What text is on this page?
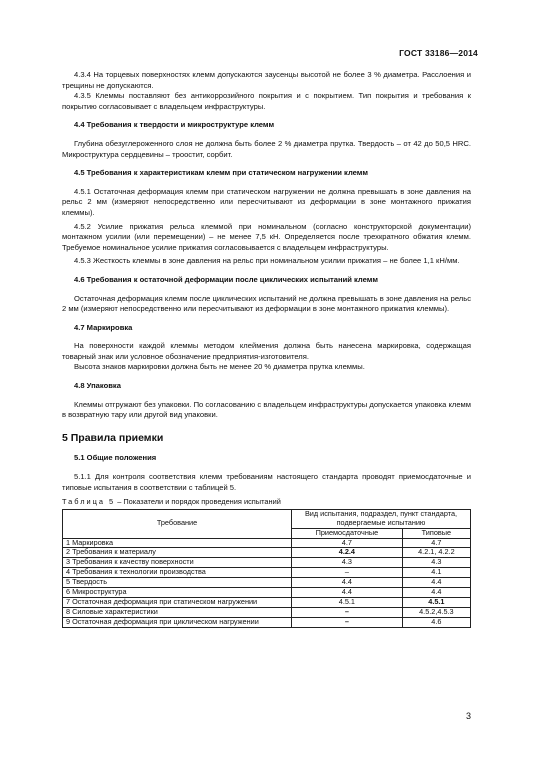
ГОСТ 33186—2014

4.3.4 На торцевых поверхностях клемм допускаются заусенцы высотой не более 3 % диаметра. Расслоения и трещины не допускаются.

4.3.5 Клеммы поставляют без антикоррозийного покрытия и с покрытием. Тип покрытия и требования к покрытию согласовывает с владельцем инфраструктуры.

4.4 Требования к твердости и микроструктуре клемм

Глубина обезуглероженного слоя не должна быть более 2 % диаметра прутка. Твердость – от 42 до 50,5 HRC. Микроструктура сердцевины – троостит, сорбит.

4.5 Требования к характеристикам клемм при статическом нагружении клемм

4.5.1 Остаточная деформация клемм при статическом нагружении не должна превышать в зоне давления на рельс 2 мм (измеряют непосредственно или пересчитывают из деформации в зоне монтажного прижатия клеммы).

4.5.2 Усилие прижатия рельса клеммой при номинальном (согласно конструкторской документации) монтажном усилии (или перемещении) – не менее 7,5 кН. Определяется после трехкратного обжатия клемм. Требуемое номинальное усилие прижатия согласовывается с владельцем инфраструктуры.

4.5.3 Жесткость клеммы в зоне давления на рельс при номинальном усилии прижатия – не более 1,1 кН/мм.

4.6 Требования к остаточной деформации после циклических испытаний клемм

Остаточная деформация клемм после циклических испытаний не должна превышать в зоне давления на рельс 2 мм (измеряют непосредственно или пересчитывают из деформации в зоне монтажного прижатия клеммы).

4.7 Маркировка

На поверхности каждой клеммы методом клеймения должна быть нанесена маркировка, содержащая товарный знак или условное обозначение предприятия-изготовителя.

Высота знаков маркировки должна быть не менее 20 % диаметра прутка клеммы.

4.8 Упаковка

Клеммы отгружают без упаковки. По согласованию с владельцем инфраструктуры допускается упаковка клемм в возвратную тару или другой вид упаковки.

5 Правила приемки

5.1 Общие положения

5.1.1 Для контроля соответствия клемм требованиям настоящего стандарта проводят приемосдаточные и типовые испытания в соответствии с таблицей 5.

Таблица 5 – Показатели и порядок проведения испытаний
Требование	Вид испытания, подраздел, пункт стандарта, подвергаемые испытанию	
	Приемосдаточные	Типовые
1 Маркировка	4.7	4.7
2 Требования к материалу	4.2.4	4.2.1, 4.2.2
3 Требования к качеству поверхности	4.3	4.3
4 Требования к технологии производства	–	4.1
5 Твердость	4.4	4.4
6 Микроструктура	4.4	4.4
7 Остаточная деформация при статическом нагружении	4.5.1	4.5.1
8 Силовые характеристики	–	4.5.2,4.5.3
9 Остаточная деформация при циклическом нагружении	–	4.6
3
